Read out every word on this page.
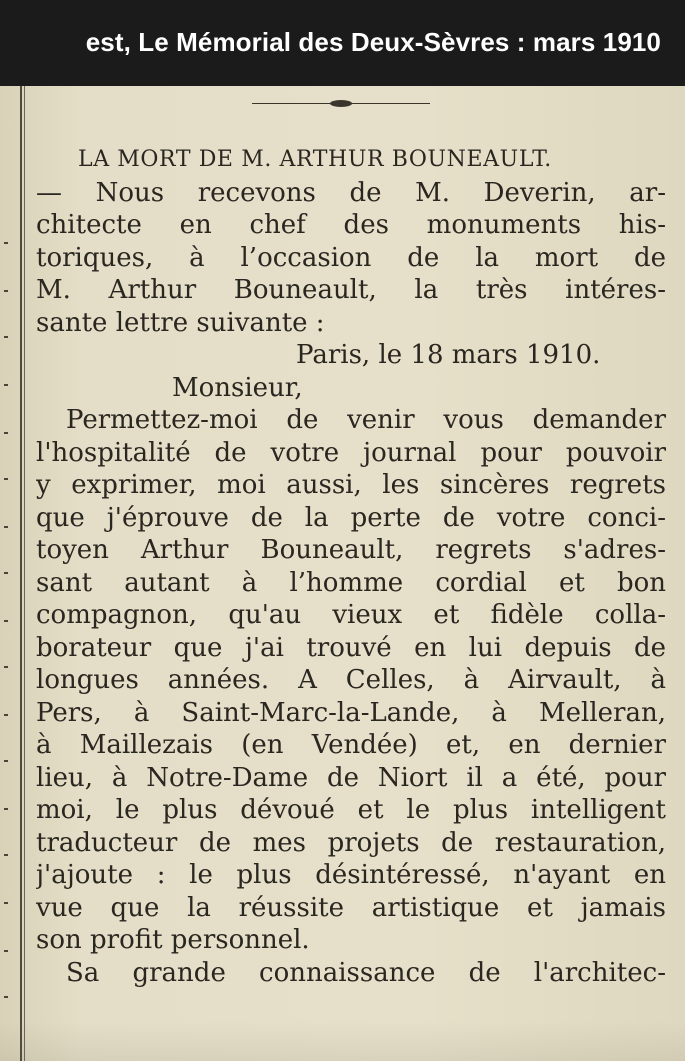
est, Le Mémorial des Deux-Sèvres : mars 1910
LA MORT DE M. ARTHUR BOUNEAULT.
— Nous recevons de M. Deverin, ar-
chitecte en chef des monuments his-
toriques, à l’occasion de la mort de
M. Arthur Bouneault, la très intéres-
sante lettre suivante :
Paris, le 18 mars 1910.
Monsieur,
Permettez-moi de venir vous demander
l'hospitalité de votre journal pour pouvoir
y exprimer, moi aussi, les sincères regrets
que j'éprouve de la perte de votre conci-
toyen Arthur Bouneault, regrets s'adres-
sant autant à l’homme cordial et bon
compagnon, qu'au vieux et fidèle colla-
borateur que j'ai trouvé en lui depuis de
longues années. A Celles, à Airvault, à
Pers, à Saint-Marc-la-Lande, à Melleran,
à Maillezais (en Vendée) et, en dernier
lieu, à Notre-Dame de Niort il a été, pour
moi, le plus dévoué et le plus intelligent
traducteur de mes projets de restauration,
j'ajoute : le plus désintéressé, n'ayant en
vue que la réussite artistique et jamais
son profit personnel.
Sa grande connaissance de l'architec-
